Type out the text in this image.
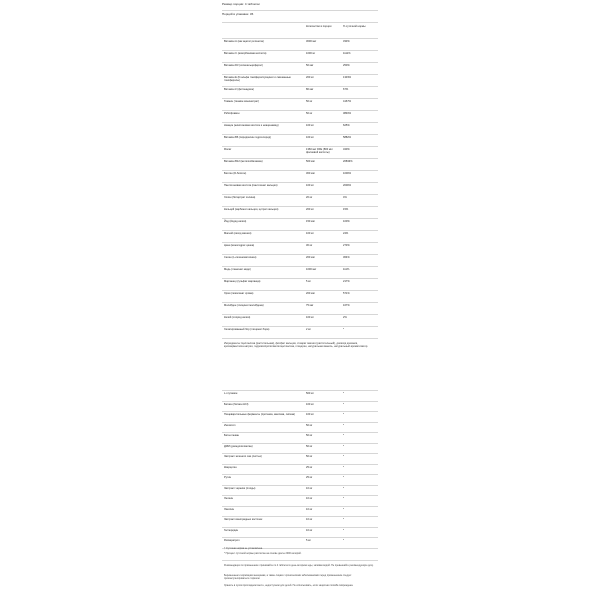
Размер порции: 4 таблетки
Порций в упаковке: 36
Количество в порции	% суточной нормы
Витамин А (как ацетат ретинола)	3000 мкг	333%
Витамин С (аскорбиновая кислота)	1000 мг	1111%
Витамин D3 (холекальциферол)	50 мкг	250%
Витамин Е (D-альфа токоферилсукцинат и смешанные токоферолы)
200 мг	1333%
Витамин К (фитонадион)	80 мкг	67%
Тиамин (тиамин мононитрат)	50 мг	4167%
Рибофлавин	50 мг	3846%
Ниацин (никотиновая кислота и ниацинамид)	100 мг	625%
Витамин B6 (пиридоксин гидрохлорид)	100 мг	5882%
Фолат	1360 мкг DFE (800 мкг фолиевой кислоты)
340%
Витамин B12 (метилкобаламин)	500 мкг	20833%
Биотин (D-биотин)	300 мкг	1000%
Пантотеновая кислота (пантотенат кальция)	100 мг	2000%
Холин (битартрат холина)	20 мг	4%
Кальций (карбонат кальция, цитрат кальция)	200 мг	15%
Йод (йодид калия)	150 мкг	100%
Магний (оксид магния)	100 мг	24%
Цинк (моногидрат цинка)	30 мг	273%
Селен (L-селенометионин)	200 мкг	364%
Медь (глюконат меди)	1000 мкг	111%
Марганец (сульфат марганца)	5 мг	217%
Хром (пиколинат хрома)	200 мкг	571%
Молибден (глицинат молибдена)	75 мкг	167%
Калий (хлорид калия)	100 мг	2%
Хелатированный бор (глицинат бора)	2 мг	*
Ингредиенты: Целлюлоза (растительная), фосфат кальция, стеарат магния (растительный), диоксид кремния, кроскармеллоза натрия, гидроксипропилметилцеллюлоза, глицерин, натуральная ваниль, натуральный ароматизатор.
L-глутамин	500 мг	*
Бетаин (бетаин HCl)	100 мг	*
Пищеварительные ферменты (протеаза, амилаза, липаза)	100 мг	*
Инозитол	50 мг	*
Бета-глюкан	50 мг	*
ДИМ (дииндолилметан)	50 мг	*
Экстракт зеленого чая (листья)	50 мг	*
Кверцетин	25 мг	*
Рутин	25 мг	*
Экстракт черники (плоды)	10 мг	*
Лютеин	10 мг	*
Ликопин	10 мг	*
Экстракт виноградных косточек	10 мг	*
Гесперидин	10 мг	*
Ресвератрол	5 мг	*
† Суточная норма не установлена.
* Процент суточной нормы рассчитан на основе диеты 2000 калорий.
Рекомендации по применению: принимайте по 4 таблетки в день во время еды, запивая водой. Не превышайте рекомендуемую дозу.
Беременным и кормящим женщинам, а также лицам с хроническими заболеваниями перед применением следует проконсультироваться с врачом.
Хранить в сухом прохладном месте, недоступном для детей. Не использовать, если защитная пломба повреждена.
